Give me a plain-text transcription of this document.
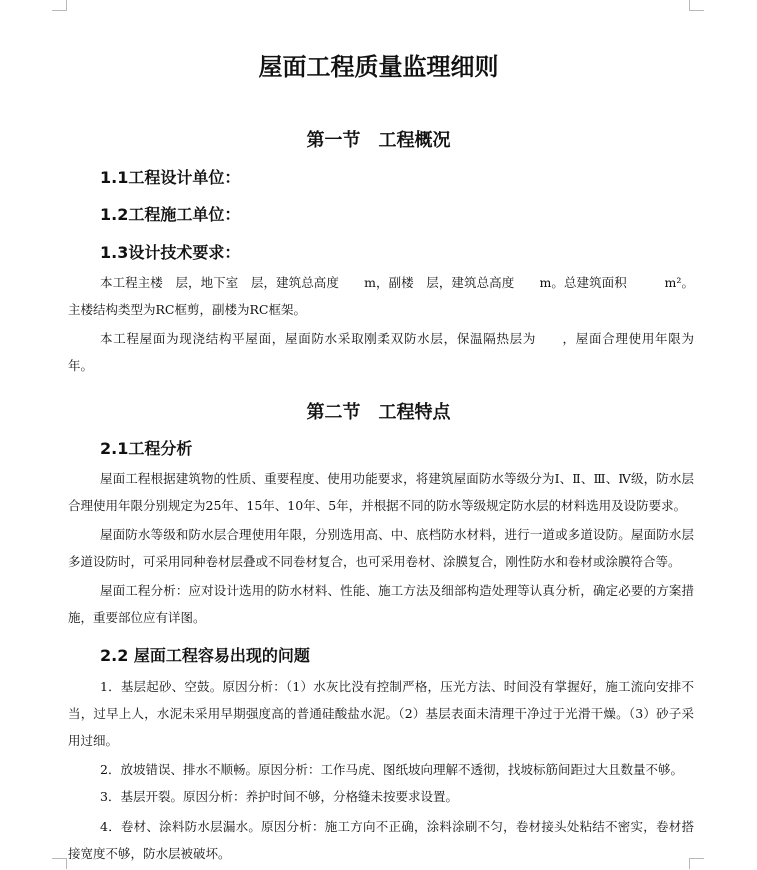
屋面工程质量监理细则
第一节　工程概况
1.1工程设计单位：
1.2工程施工单位：
1.3设计技术要求：
本工程主楼　层，地下室　层，建筑总高度　　m，副楼　层，建筑总高度　　m。总建筑面积　　　m²。主楼结构类型为RC框剪，副楼为RC框架。
本工程屋面为现浇结构平屋面，屋面防水采取刚柔双防水层，保温隔热层为　　，屋面合理使用年限为　　年。
第二节　工程特点
2.1工程分析
屋面工程根据建筑物的性质、重要程度、使用功能要求，将建筑屋面防水等级分为Ⅰ、Ⅱ、Ⅲ、Ⅳ级，防水层合理使用年限分别规定为25年、15年、10年、5年，并根据不同的防水等级规定防水层的材料选用及设防要求。
屋面防水等级和防水层合理使用年限，分别选用高、中、底档防水材料，进行一道或多道设防。屋面防水层多道设防时，可采用同种卷材层叠或不同卷材复合，也可采用卷材、涂膜复合，刚性防水和卷材或涂膜符合等。
屋面工程分析：应对设计选用的防水材料、性能、施工方法及细部构造处理等认真分析，确定必要的方案措施，重要部位应有详图。
2.2 屋面工程容易出现的问题
1．基层起砂、空鼓。原因分析：（1）水灰比没有控制严格，压光方法、时间没有掌握好，施工流向安排不当，过早上人，水泥未采用早期强度高的普通硅酸盐水泥。（2）基层表面未清理干净过于光滑干燥。（3）砂子采用过细。
2．放坡错误、排水不顺畅。原因分析：工作马虎、图纸坡向理解不透彻，找坡标筋间距过大且数量不够。
3．基层开裂。原因分析：养护时间不够，分格缝未按要求设置。
4．卷材、涂料防水层漏水。原因分析：施工方向不正确，涂料涂刷不匀，卷材接头处粘结不密实，卷材搭接宽度不够，防水层被破坏。
